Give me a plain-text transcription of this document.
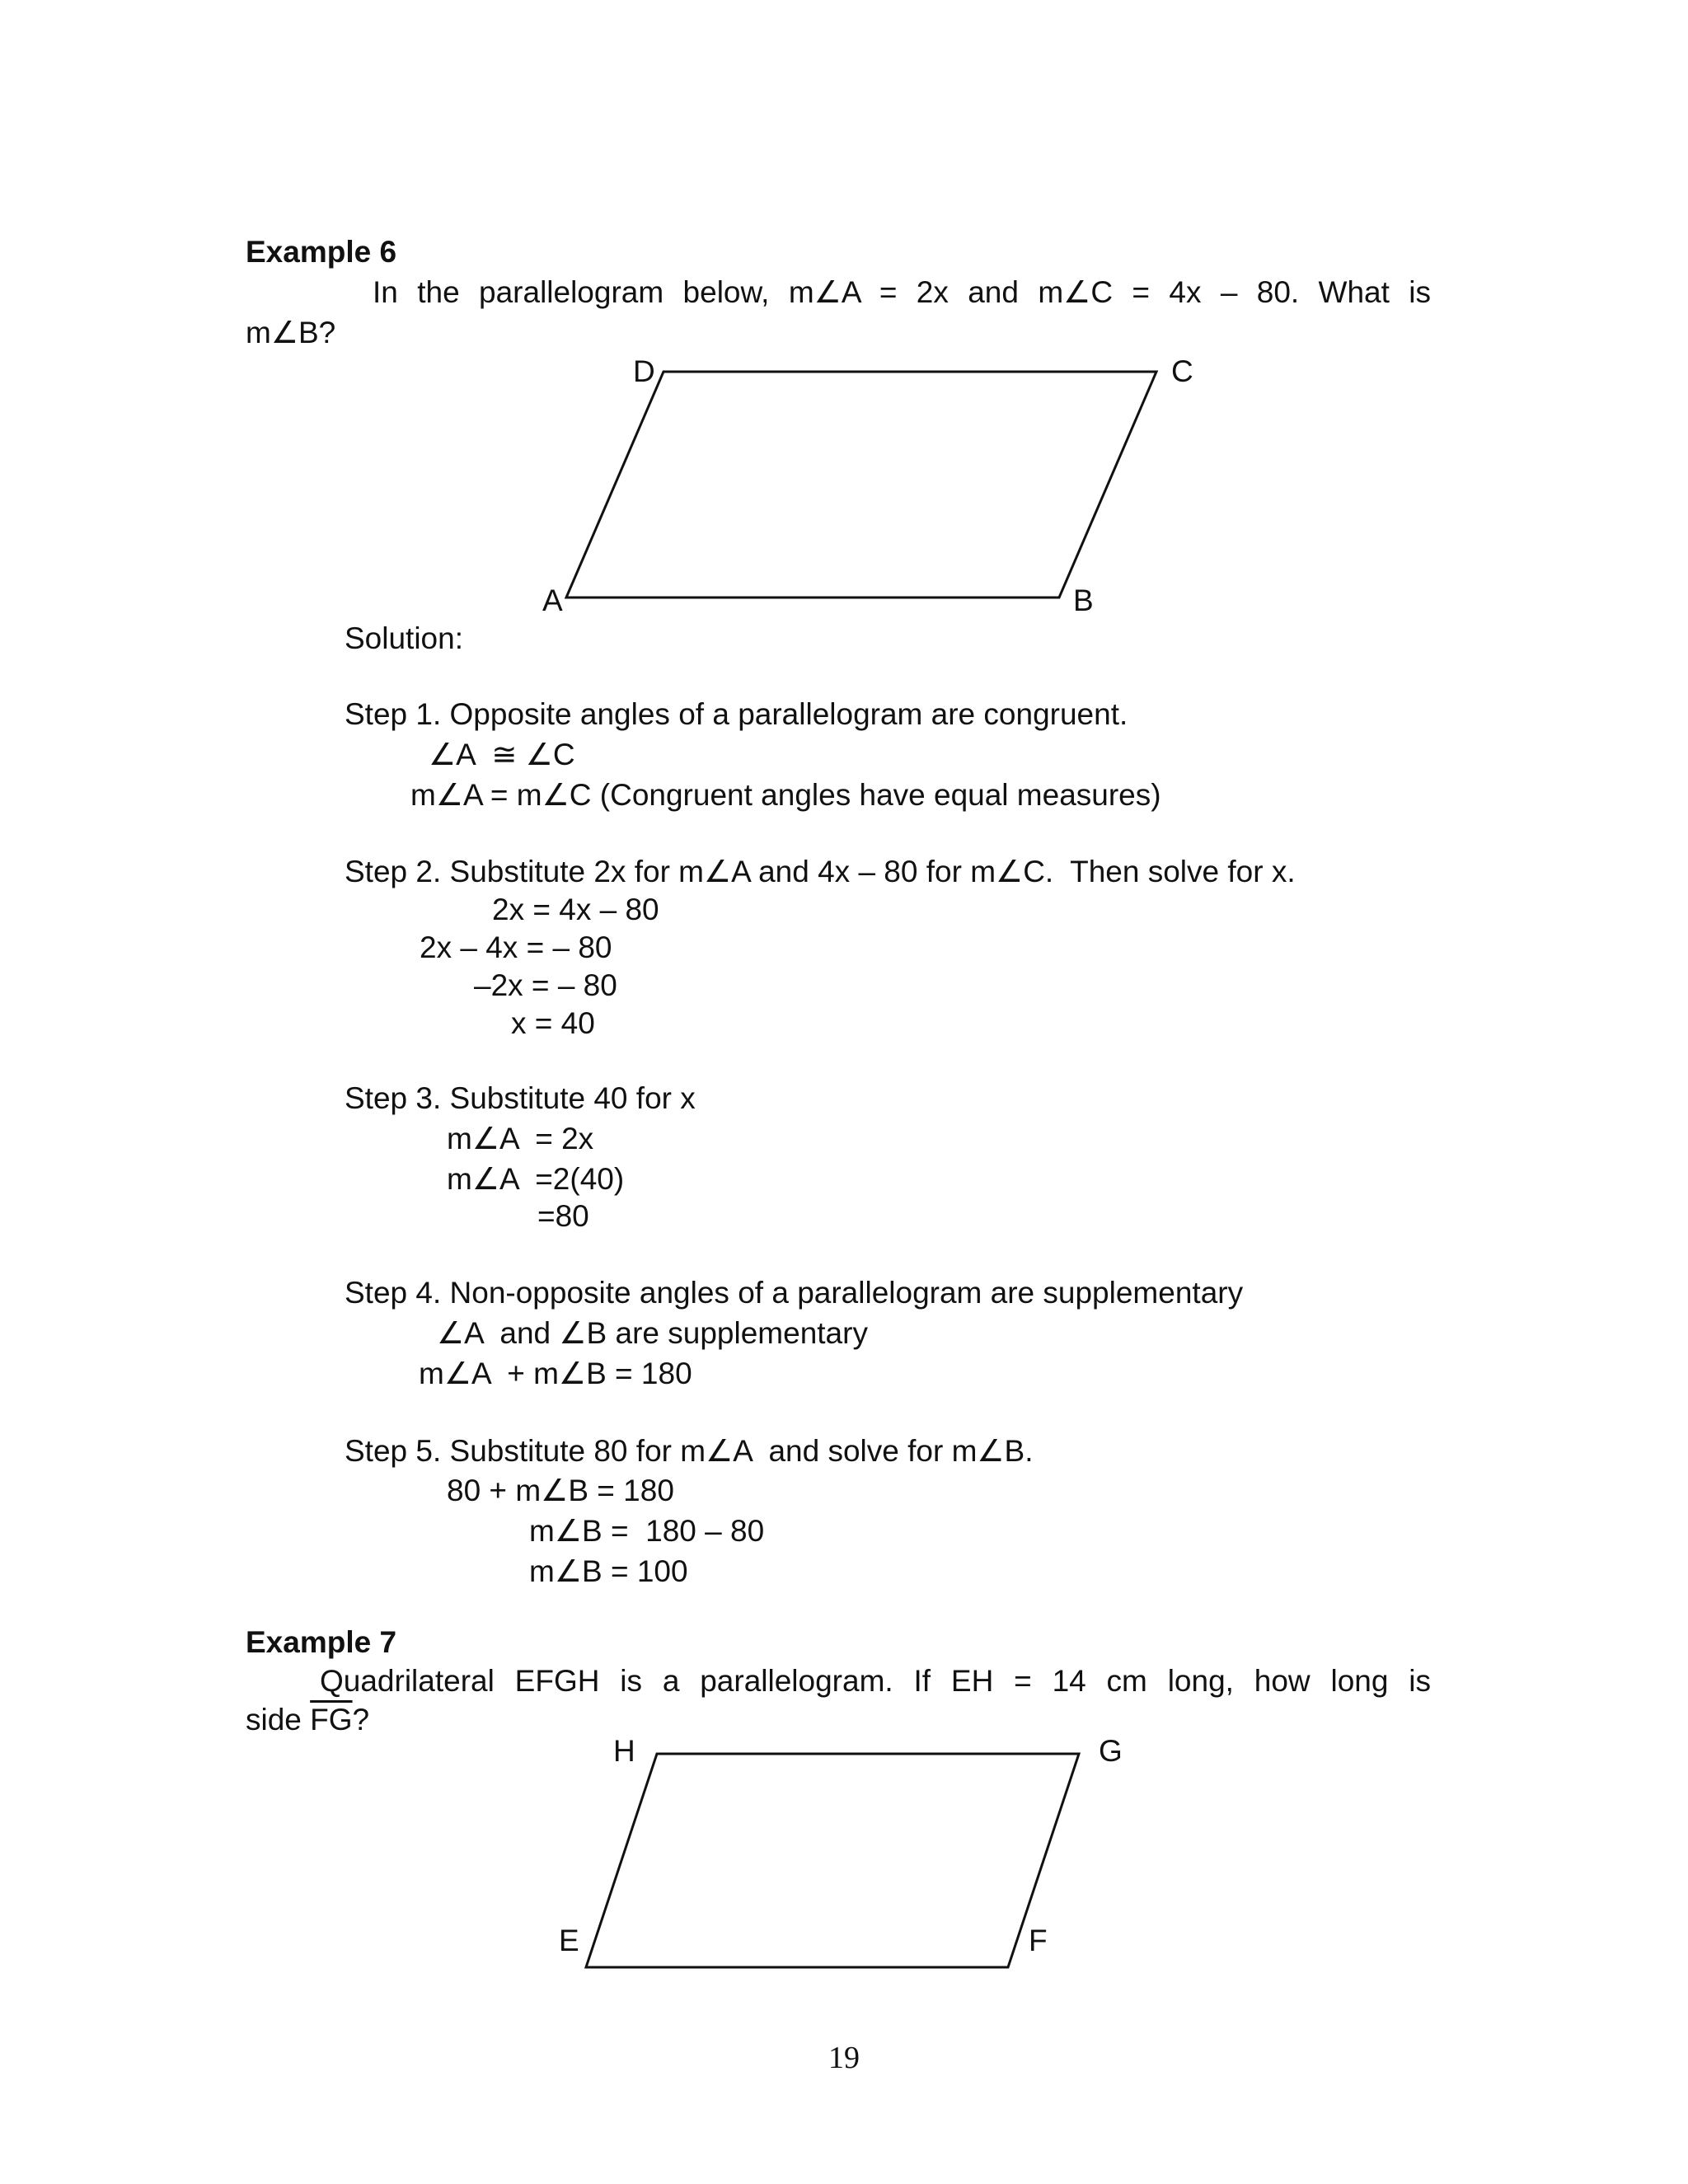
Example 6
In the parallelogram below, m∠A = 2x and m∠C = 4x – 80. What is
m∠B?
D	C
A	B
Solution:
Step 1. Opposite angles of a parallelogram are congruent.
∠A  ≅ ∠C
m∠A = m∠C (Congruent angles have equal measures)
Step 2. Substitute 2x for m∠A and 4x – 80 for m∠C.  Then solve for x.
2x = 4x – 80
2x – 4x = – 80
–2x = – 80
x = 40
Step 3. Substitute 40 for x
m∠A  = 2x
m∠A  =2(40)
=80
Step 4. Non-opposite angles of a parallelogram are supplementary
∠A  and ∠B are supplementary
m∠A  + m∠B = 180
Step 5. Substitute 80 for m∠A  and solve for m∠B.
80 + m∠B = 180
m∠B =  180 – 80
m∠B = 100
Example 7
Quadrilateral EFGH is a parallelogram. If EH = 14 cm long, how long is
side $\overline{FG}$?
H	G
E	F
19
